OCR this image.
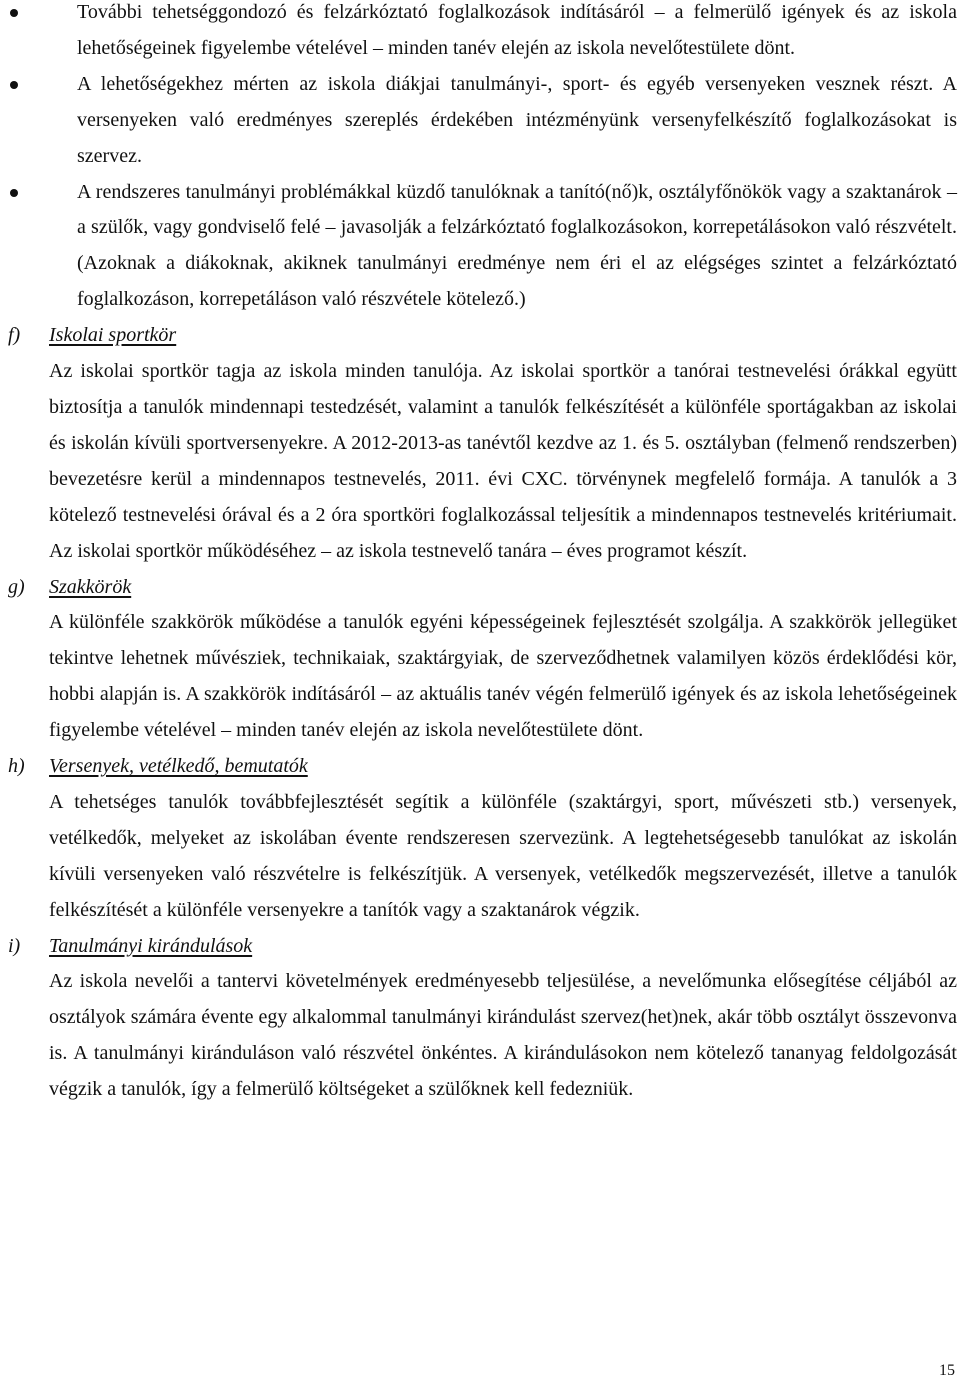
További tehetséggondozó és felzárkóztató foglalkozások indításáról – a felmerülő igények és az iskola lehetőségeinek figyelembe vételével – minden tanév elején az iskola nevelőtestülete dönt.
A lehetőségekhez mérten az iskola diákjai tanulmányi-, sport- és egyéb versenyeken vesznek részt. A versenyeken való eredményes szereplés érdekében intézményünk versenyfelkészítő foglalkozásokat is szervez.
A rendszeres tanulmányi problémákkal küzdő tanulóknak a tanító(nő)k, osztályfőnökök vagy a szaktanárok – a szülők, vagy gondviselő felé – javasolják a felzárkóztató foglalkozásokon, korrepetálásokon való részvételt. (Azoknak a diákoknak, akiknek tanulmányi eredménye nem éri el az elégséges szintet a felzárkóztató foglalkozáson, korrepetáláson való részvétele kötelező.)
f) Iskolai sportkör
Az iskolai sportkör tagja az iskola minden tanulója. Az iskolai sportkör a tanórai testnevelési órákkal együtt biztosítja a tanulók mindennapi testedzését, valamint a tanulók felkészítését a különféle sportágakban az iskolai és iskolán kívüli sportversenyekre. A 2012-2013-as tanévtől kezdve az 1. és 5. osztályban (felmenő rendszerben) bevezetésre kerül a mindennapos testnevelés, 2011. évi CXC. törvénynek megfelelő formája. A tanulók a 3 kötelező testnevelési órával és a 2 óra sportköri foglalkozással teljesítik a mindennapos testnevelés kritériumait. Az iskolai sportkör működéséhez – az iskola testnevelő tanára – éves programot készít.
g) Szakkörök
A különféle szakkörök működése a tanulók egyéni képességeinek fejlesztését szolgálja. A szakkörök jellegüket tekintve lehetnek művésziek, technikaiak, szaktárgyiak, de szerveződhetnek valamilyen közös érdeklődési kör, hobbi alapján is. A szakkörök indításáról – az aktuális tanév végén felmerülő igények és az iskola lehetőségeinek figyelembe vételével – minden tanév elején az iskola nevelőtestülete dönt.
h) Versenyek, vetélkedő, bemutatók
A tehetséges tanulók továbbfejlesztését segítik a különféle (szaktárgyi, sport, művészeti stb.) versenyek, vetélkedők, melyeket az iskolában évente rendszeresen szervezünk. A legtehetségesebb tanulókat az iskolán kívüli versenyeken való részvételre is felkészítjük. A versenyek, vetélkedők megszervezését, illetve a tanulók felkészítését a különféle versenyekre a tanítók vagy a szaktanárok végzik.
i) Tanulmányi kirándulások
Az iskola nevelői a tantervi követelmények eredményesebb teljesülése, a nevelőmunka elősegítése céljából az osztályok számára évente egy alkalommal tanulmányi kirándulást szervez(het)nek, akár több osztályt összevonva is. A tanulmányi kiránduláson való részvétel önkéntes. A kirándulásokon nem kötelező tananyag feldolgozását végzik a tanulók, így a felmerülő költségeket a szülőknek kell fedezniük.
15
